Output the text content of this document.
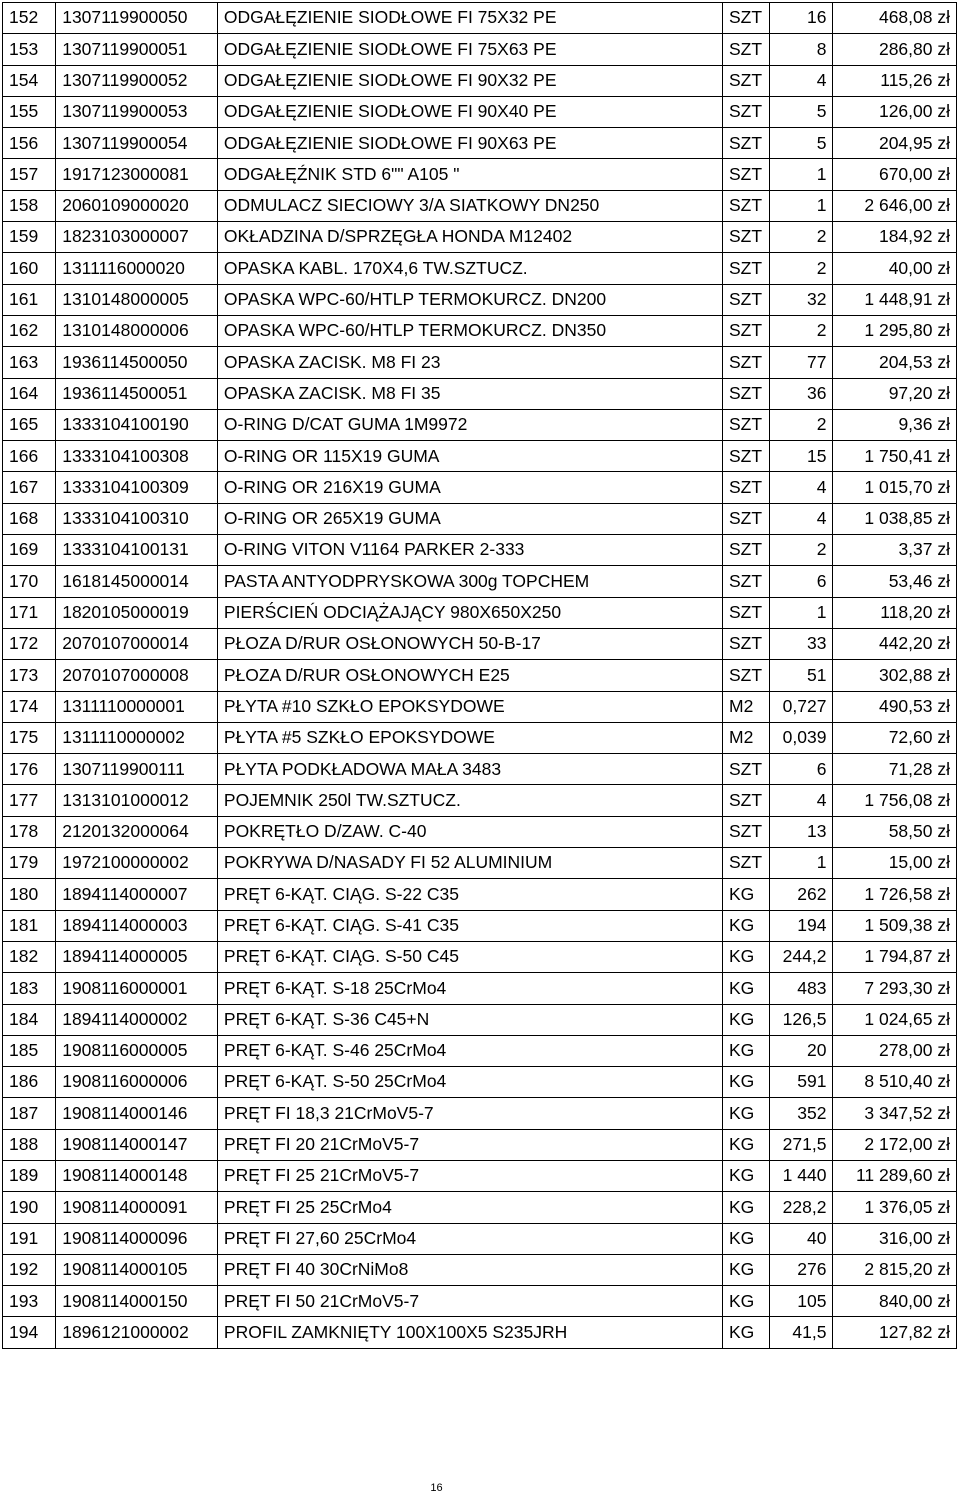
152	1307119900050	ODGAŁĘZIENIE SIODŁOWE FI 75X32 PE	SZT	16	468,08 zł
153	1307119900051	ODGAŁĘZIENIE SIODŁOWE FI 75X63 PE	SZT	8	286,80 zł
154	1307119900052	ODGAŁĘZIENIE SIODŁOWE FI 90X32 PE	SZT	4	115,26 zł
155	1307119900053	ODGAŁĘZIENIE SIODŁOWE FI 90X40 PE	SZT	5	126,00 zł
156	1307119900054	ODGAŁĘZIENIE SIODŁOWE FI 90X63 PE	SZT	5	204,95 zł
157	1917123000081	ODGAŁĘŹNIK STD 6"" A105 "	SZT	1	670,00 zł
158	2060109000020	ODMULACZ SIECIOWY 3/A SIATKOWY DN250	SZT	1	2 646,00 zł
159	1823103000007	OKŁADZINA D/SPRZĘGŁA HONDA M12402	SZT	2	184,92 zł
160	1311116000020	OPASKA KABL. 170X4,6 TW.SZTUCZ.	SZT	2	40,00 zł
161	1310148000005	OPASKA WPC-60/HTLP TERMOKURCZ. DN200	SZT	32	1 448,91 zł
162	1310148000006	OPASKA WPC-60/HTLP TERMOKURCZ. DN350	SZT	2	1 295,80 zł
163	1936114500050	OPASKA ZACISK. M8 FI 23	SZT	77	204,53 zł
164	1936114500051	OPASKA ZACISK. M8 FI 35	SZT	36	97,20 zł
165	1333104100190	O-RING D/CAT GUMA 1M9972	SZT	2	9,36 zł
166	1333104100308	O-RING OR 115X19 GUMA	SZT	15	1 750,41 zł
167	1333104100309	O-RING OR 216X19 GUMA	SZT	4	1 015,70 zł
168	1333104100310	O-RING OR 265X19 GUMA	SZT	4	1 038,85 zł
169	1333104100131	O-RING VITON V1164 PARKER 2-333	SZT	2	3,37 zł
170	1618145000014	PASTA ANTYODPRYSKOWA 300g TOPCHEM	SZT	6	53,46 zł
171	1820105000019	PIERŚCIEŃ ODCIĄŻAJĄCY 980X650X250	SZT	1	118,20 zł
172	2070107000014	PŁOZA D/RUR OSŁONOWYCH 50-B-17	SZT	33	442,20 zł
173	2070107000008	PŁOZA D/RUR OSŁONOWYCH E25	SZT	51	302,88 zł
174	1311110000001	PŁYTA #10 SZKŁO EPOKSYDOWE	M2	0,727	490,53 zł
175	1311110000002	PŁYTA #5 SZKŁO EPOKSYDOWE	M2	0,039	72,60 zł
176	1307119900111	PŁYTA PODKŁADOWA MAŁA 3483	SZT	6	71,28 zł
177	1313101000012	POJEMNIK 250l TW.SZTUCZ.	SZT	4	1 756,08 zł
178	2120132000064	POKRĘTŁO D/ZAW. C-40	SZT	13	58,50 zł
179	1972100000002	POKRYWA D/NASADY FI 52 ALUMINIUM	SZT	1	15,00 zł
180	1894114000007	PRĘT 6-KĄT. CIĄG. S-22 C35	KG	262	1 726,58 zł
181	1894114000003	PRĘT 6-KĄT. CIĄG. S-41 C35	KG	194	1 509,38 zł
182	1894114000005	PRĘT 6-KĄT. CIĄG. S-50 C45	KG	244,2	1 794,87 zł
183	1908116000001	PRĘT 6-KĄT. S-18 25CrMo4	KG	483	7 293,30 zł
184	1894114000002	PRĘT 6-KĄT. S-36 C45+N	KG	126,5	1 024,65 zł
185	1908116000005	PRĘT 6-KĄT. S-46 25CrMo4	KG	20	278,00 zł
186	1908116000006	PRĘT 6-KĄT. S-50 25CrMo4	KG	591	8 510,40 zł
187	1908114000146	PRĘT FI 18,3 21CrMoV5-7	KG	352	3 347,52 zł
188	1908114000147	PRĘT FI 20 21CrMoV5-7	KG	271,5	2 172,00 zł
189	1908114000148	PRĘT FI 25 21CrMoV5-7	KG	1 440	11 289,60 zł
190	1908114000091	PRĘT FI 25 25CrMo4	KG	228,2	1 376,05 zł
191	1908114000096	PRĘT FI 27,60 25CrMo4	KG	40	316,00 zł
192	1908114000105	PRĘT FI 40 30CrNiMo8	KG	276	2 815,20 zł
193	1908114000150	PRĘT FI 50 21CrMoV5-7	KG	105	840,00 zł
194	1896121000002	PROFIL ZAMKNIĘTY 100X100X5 S235JRH	KG	41,5	127,82 zł
16
